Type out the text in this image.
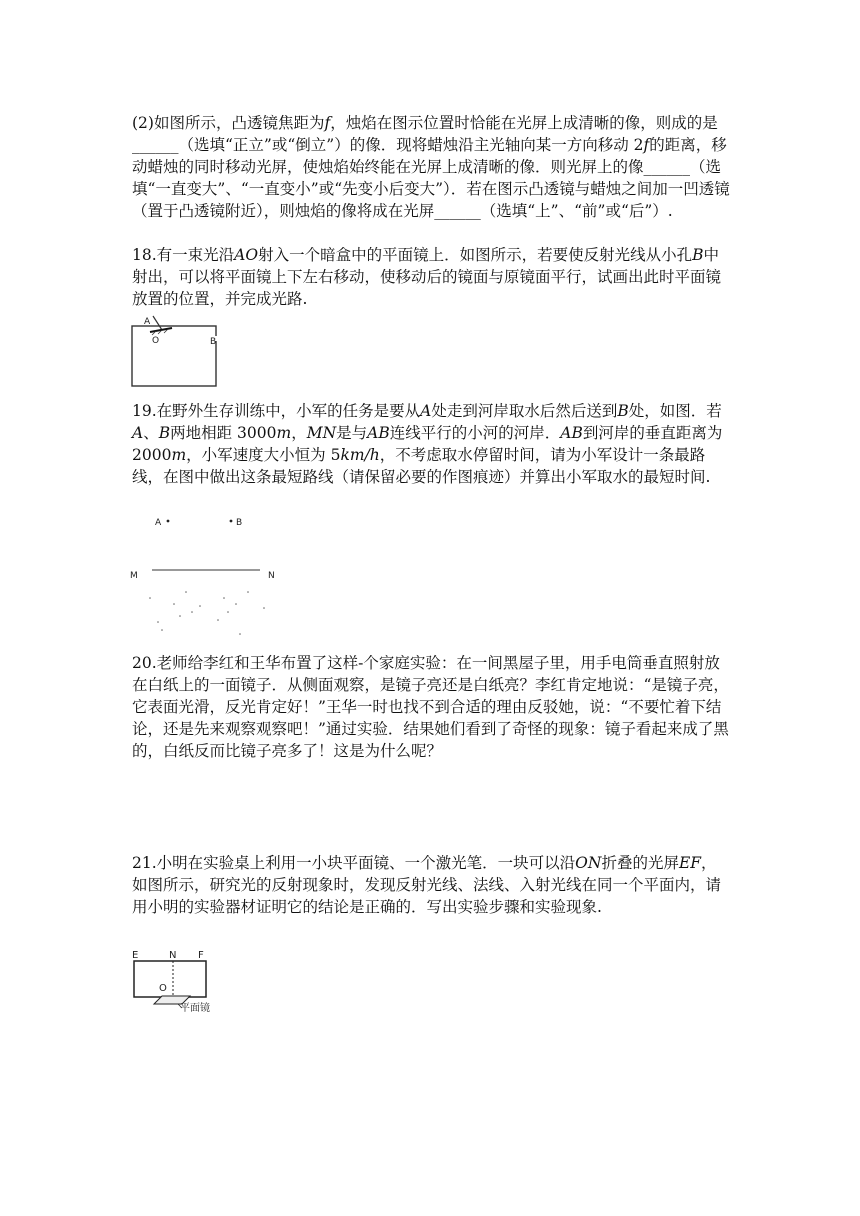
(2)如图所示，凸透镜焦距为f，烛焰在图示位置时恰能在光屏上成清晰的像，则成的是______（选填“正立”或“倒立”）的像．现将蜡烛沿主光轴向某一方向移动 2f的距离，移动蜡烛的同时移动光屏，使烛焰始终能在光屏上成清晰的像．则光屏上的像______（选填“一直变大”、“一直变小”或“先变小后变大”）．若在图示凸透镜与蜡烛之间加一凹透镜（置于凸透镜附近），则烛焰的像将成在光屏______（选填“上”、“前”或“后”）.
18.有一束光沿AO射入一个暗盒中的平面镜上．如图所示，若要使反射光线从小孔B中射出，可以将平面镜上下左右移动，使移动后的镜面与原镜面平行，试画出此时平面镜放置的位置，并完成光路.
A
O	B
19.在野外生存训练中，小军的任务是要从A处走到河岸取水后然后送到B处，如图．若A、B两地相距 3000m，MN是与AB连线平行的小河的河岸．AB到河岸的垂直距离为 2000m，小军速度大小恒为 5km/h，不考虑取水停留时间，请为小军设计一条最路线，在图中做出这条最短路线（请保留必要的作图痕迹）并算出小军取水的最短时间.
A	B
M	N
20.老师给李红和王华布置了这样-个家庭实验：在一间黑屋子里，用手电筒垂直照射放在白纸上的一面镜子．从侧面观察，是镜子亮还是白纸亮？李红肯定地说：“是镜子亮，它表面光滑，反光肯定好！”王华一时也找不到合适的理由反驳她，说：“不要忙着下结论，还是先来观察观察吧！”通过实验．结果她们看到了奇怪的现象：镜子看起来成了黑的，白纸反而比镜子亮多了！这是为什么呢？
21.小明在实验桌上利用一小块平面镜、一个激光笔．一块可以沿ON折叠的光屏EF，如图所示，研究光的反射现象时，发现反射光线、法线、入射光线在同一个平面内，请用小明的实验器材证明它的结论是正确的．写出实验步骤和实验现象.
E	N F
O
平面镜
